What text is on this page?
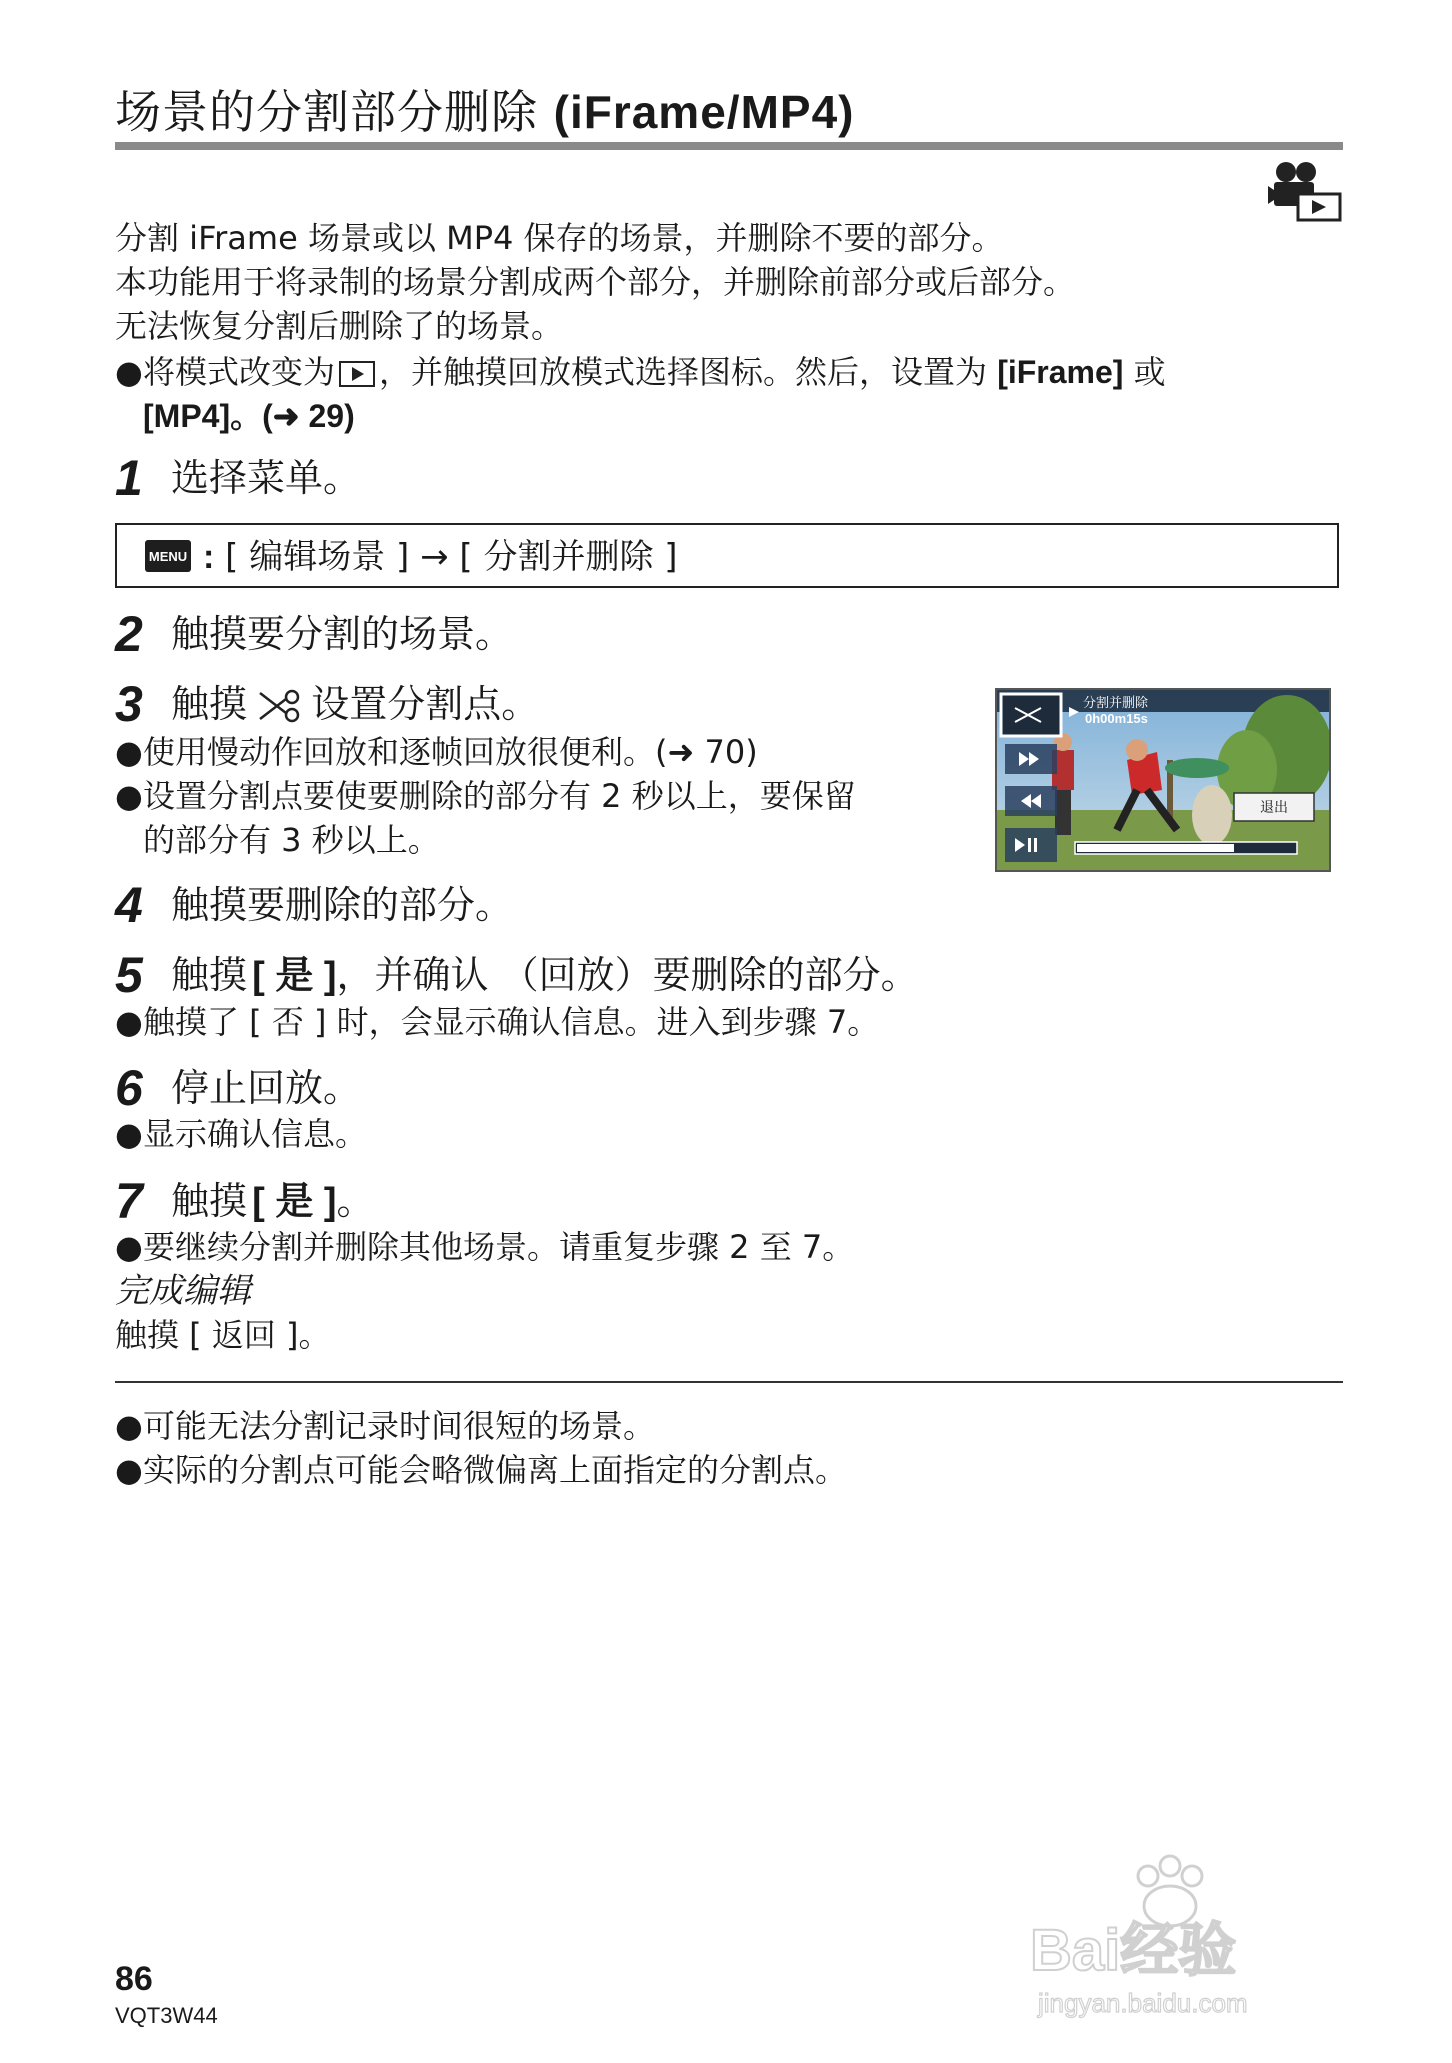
场景的分割部分删除 (iFrame/MP4)
分割 iFrame 场景或以 MP4 保存的场景，并删除不要的部分。
本功能用于将录制的场景分割成两个部分，并删除前部分或后部分。
无法恢复分割后删除了的场景。
●将模式改变为 ，并触摸回放模式选择图标。然后，设置为 [iFrame] 或
[MP4]。(➜ 29)
1 选择菜单。
MENU : [ 编辑场景 ] → [ 分割并删除 ]
2 触摸要分割的场景。
3 触摸 设置分割点。
●使用慢动作回放和逐帧回放很便利。(➜ 70)
●设置分割点要使要删除的部分有 2 秒以上，要保留
的部分有 3 秒以上。
分割并删除
0h00m15s
退出
4 触摸要删除的部分。
5 触摸 [ 是 ]，并确认 （回放）要删除的部分。
●触摸了 [ 否 ] 时，会显示确认信息。进入到步骤 7。
6 停止回放。
●显示确认信息。
7 触摸 [ 是 ]。
●要继续分割并删除其他场景。请重复步骤 2 至 7。
完成编辑
触摸 [ 返回 ]。
●可能无法分割记录时间很短的场景。
●实际的分割点可能会略微偏离上面指定的分割点。
Bai经验
jingyan.baidu.com
86
VQT3W44
